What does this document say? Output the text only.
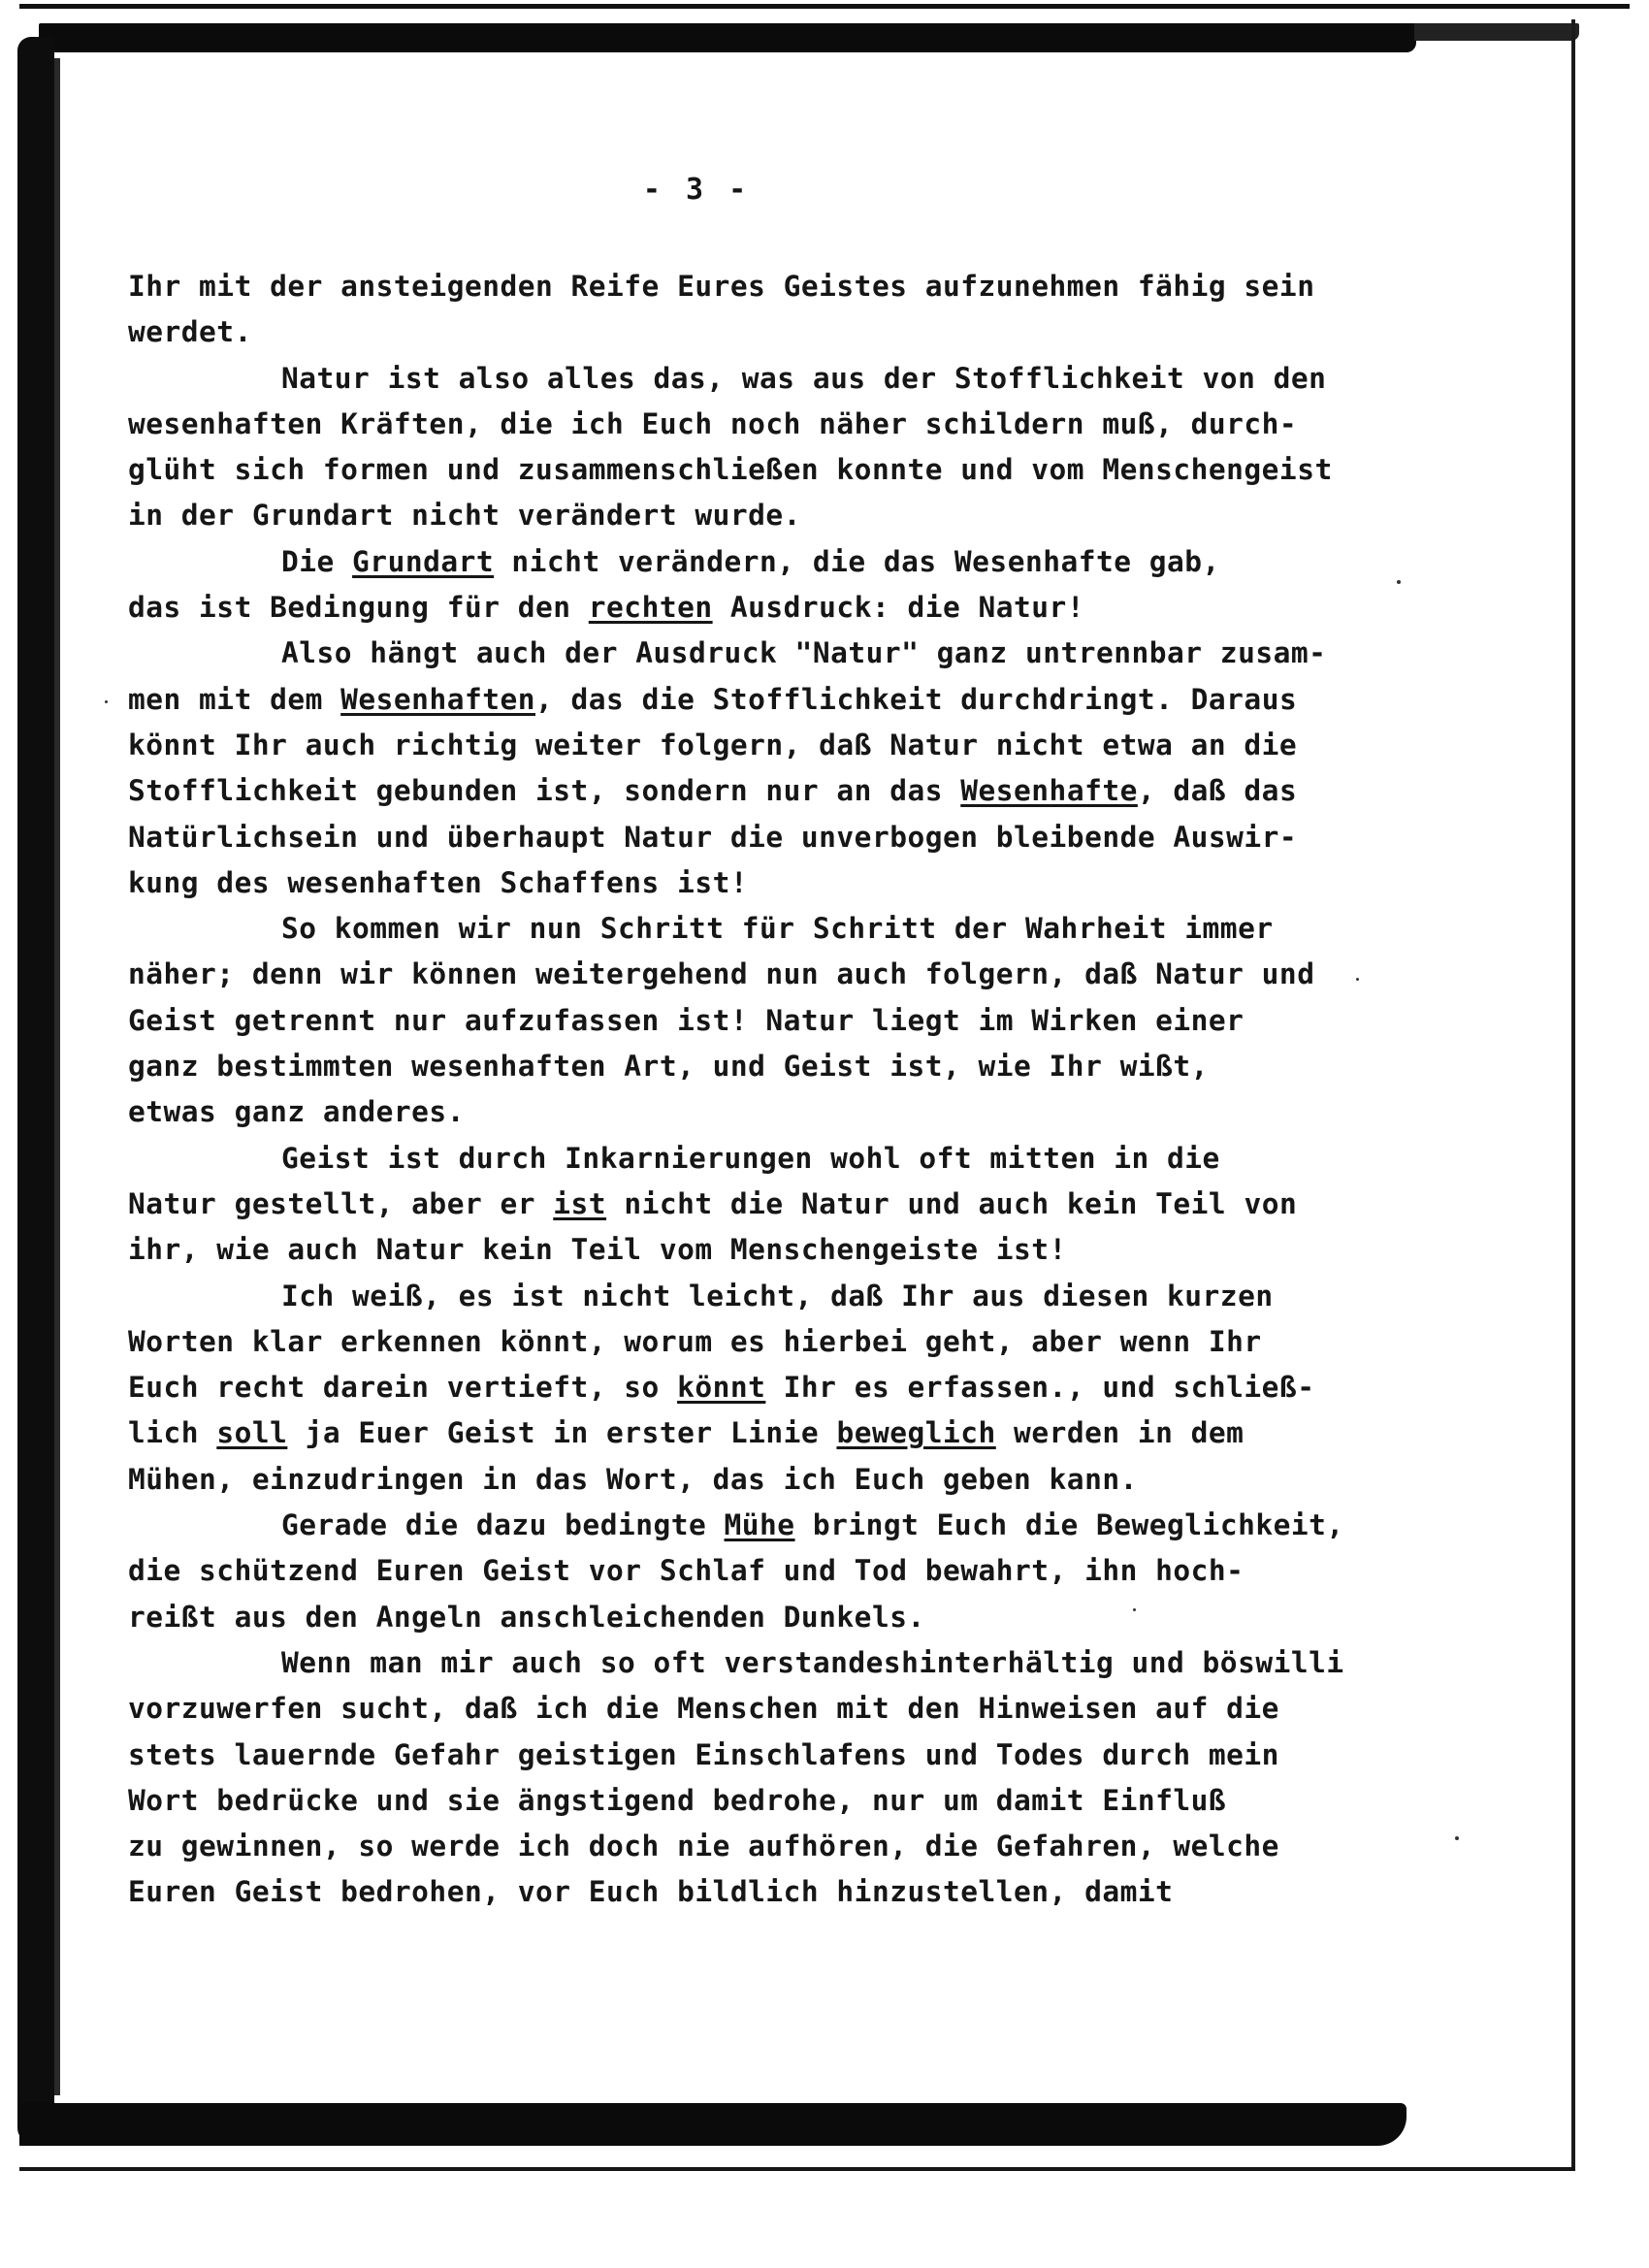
- 3 -
Ihr mit der ansteigenden Reife Eures Geistes aufzunehmen fähig sein
werdet.
Natur ist also alles das, was aus der Stofflichkeit von den
wesenhaften Kräften, die ich Euch noch näher schildern muß, durch-
glüht sich formen und zusammenschließen konnte und vom Menschengeist
in der Grundart nicht verändert wurde.
Die Grundart nicht verändern, die das Wesenhafte gab,
das ist Bedingung für den rechten Ausdruck: die Natur!
Also hängt auch der Ausdruck "Natur" ganz untrennbar zusam-
men mit dem Wesenhaften, das die Stofflichkeit durchdringt. Daraus
könnt Ihr auch richtig weiter folgern, daß Natur nicht etwa an die
Stofflichkeit gebunden ist, sondern nur an das Wesenhafte, daß das
Natürlichsein und überhaupt Natur die unverbogen bleibende Auswir-
kung des wesenhaften Schaffens ist!
So kommen wir nun Schritt für Schritt der Wahrheit immer
näher; denn wir können weitergehend nun auch folgern, daß Natur und
Geist getrennt nur aufzufassen ist! Natur liegt im Wirken einer
ganz bestimmten wesenhaften Art, und Geist ist, wie Ihr wißt,
etwas ganz anderes.
Geist ist durch Inkarnierungen wohl oft mitten in die
Natur gestellt, aber er ist nicht die Natur und auch kein Teil von
ihr, wie auch Natur kein Teil vom Menschengeiste ist!
Ich weiß, es ist nicht leicht, daß Ihr aus diesen kurzen
Worten klar erkennen könnt, worum es hierbei geht, aber wenn Ihr
Euch recht darein vertieft, so könnt Ihr es erfassen., und schließ-
lich soll ja Euer Geist in erster Linie beweglich werden in dem
Mühen, einzudringen in das Wort, das ich Euch geben kann.
Gerade die dazu bedingte Mühe bringt Euch die Beweglichkeit,
die schützend Euren Geist vor Schlaf und Tod bewahrt, ihn hoch-
reißt aus den Angeln anschleichenden Dunkels.
Wenn man mir auch so oft verstandeshinterhältig und böswilli
vorzuwerfen sucht, daß ich die Menschen mit den Hinweisen auf die
stets lauernde Gefahr geistigen Einschlafens und Todes durch mein
Wort bedrücke und sie ängstigend bedrohe, nur um damit Einfluß
zu gewinnen, so werde ich doch nie aufhören, die Gefahren, welche
Euren Geist bedrohen, vor Euch bildlich hinzustellen, damit
